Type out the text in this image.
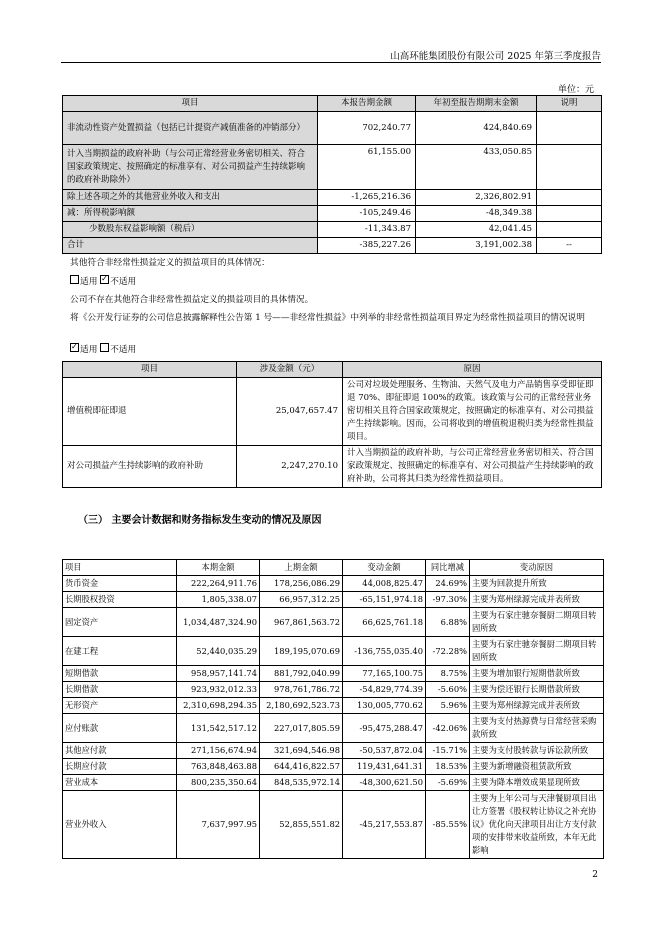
山高环能集团股份有限公司 2025 年第三季度报告
单位：元
项目	本报告期金额	年初至报告期期末金额	说明
非流动性资产处置损益（包括已计提资产减值准备的冲销部分）	702,240.77	424,840.69	
计入当期损益的政府补助（与公司正常经营业务密切相关、符合国家政策规定、按照确定的标准享有、对公司损益产生持续影响的政府补助除外）	61,155.00	433,050.85	
除上述各项之外的其他营业外收入和支出	-1,265,216.36	2,326,802.91	
减：所得税影响额	-105,249.46	-48,349.38	
少数股东权益影响额（税后）	-11,343.87	42,041.45	
合计	-385,227.26	3,191,002.38	--
其他符合非经常性损益定义的损益项目的具体情况：
适用 ✓ 不适用
公司不存在其他符合非经常性损益定义的损益项目的具体情况。
将《公开发行证券的公司信息披露解释性公告第 1 号——非经常性损益》中列举的非经常性损益项目界定为经常性损益项目的情况说明
✓适用 不适用
项目	涉及金额（元）	原因
增值税即征即退	25,047,657.47	公司对垃圾处理服务、生物油、天然气及电力产品销售享受即征即退 70%、即征即退 100%的政策。该政策与公司的正常经营业务密切相关且符合国家政策规定，按照确定的标准享有、对公司损益产生持续影响。因而，公司将收到的增值税退税归类为经常性损益项目。
对公司损益产生持续影响的政府补助	2,247,270.10	计入当期损益的政府补助，与公司正常经营业务密切相关、符合国家政策规定、按照确定的标准享有、对公司损益产生持续影响的政府补助，公司将其归类为经常性损益项目。
（三） 主要会计数据和财务指标发生变动的情况及原因
项目	本期金额	上期金额	变动金额	同比增减	变动原因
货币资金	222,264,911.76	178,256,086.29	44,008,825.47	24.69%	主要为回款提升所致
长期股权投资	1,805,338.07	66,957,312.25	-65,151,974.18	-97.30%	主要为郑州绿源完成并表所致
固定资产	1,034,487,324.90	967,861,563.72	66,625,761.18	6.88%	主要为石家庄驰奈餐厨二期项目转固所致
在建工程	52,440,035.29	189,195,070.69	-136,755,035.40	-72.28%	主要为石家庄驰奈餐厨二期项目转固所致
短期借款	958,957,141.74	881,792,040.99	77,165,100.75	8.75%	主要为增加银行短期借款所致
长期借款	923,932,012.33	978,761,786.72	-54,829,774.39	-5.60%	主要为偿还银行长期借款所致
无形资产	2,310,698,294.35	2,180,692,523.73	130,005,770.62	5.96%	主要为郑州绿源完成并表所致
应付账款	131,542,517.12	227,017,805.59	-95,475,288.47	-42.06%	主要为支付热源费与日常经营采购款所致
其他应付款	271,156,674.94	321,694,546.98	-50,537,872.04	-15.71%	主要为支付股转款与诉讼款所致
长期应付款	763,848,463.88	644,416,822.57	119,431,641.31	18.53%	主要为新增融资租赁款所致
营业成本	800,235,350.64	848,535,972.14	-48,300,621.50	-5.69%	主要为降本增效成果显现所致
营业外收入	7,637,997.95	52,855,551.82	-45,217,553.87	-85.55%	主要为上年公司与天津餐厨项目出让方签署《股权转让协议之补充协议》优化向天津项目出让方支付款项的安排带来收益所致，本年无此影响
2
